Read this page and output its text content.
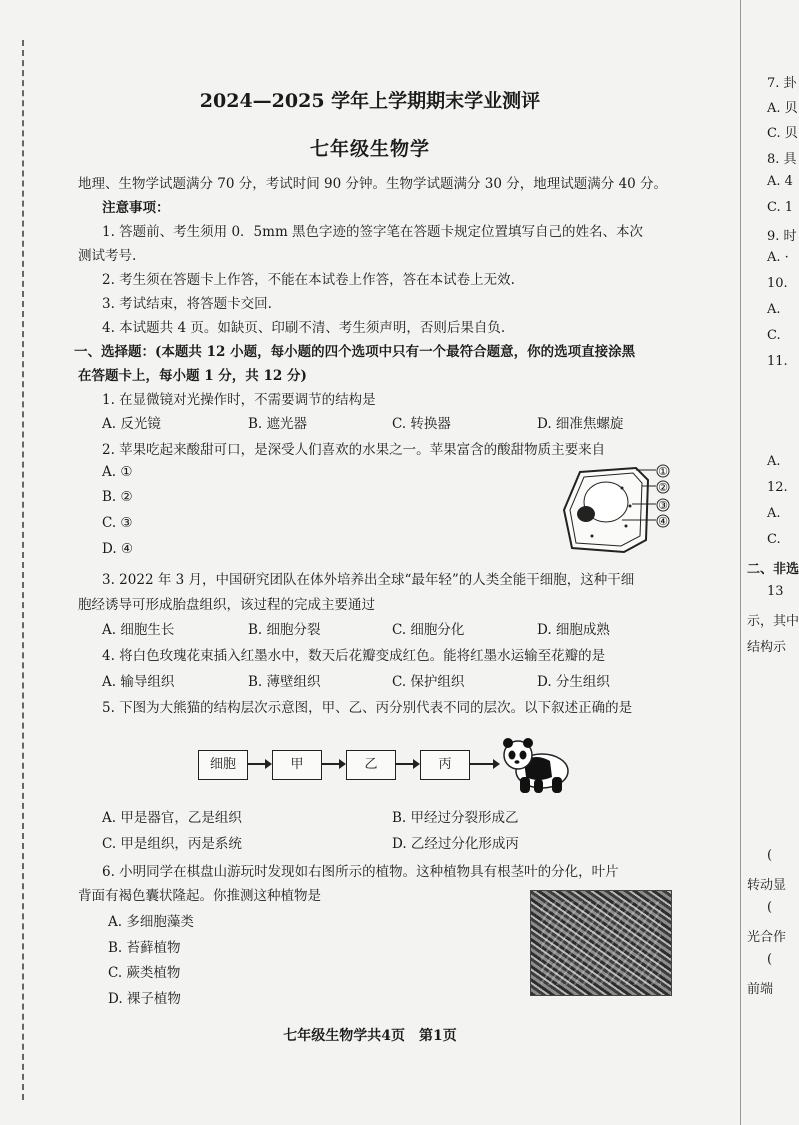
2024—2025 学年上学期期末学业测评
七年级生物学
地理、生物学试题满分 70 分，考试时间 90 分钟。生物学试题满分 30 分，地理试题满分 40 分。
注意事项：
1. 答题前、考生须用 0．5mm 黑色字迹的签字笔在答题卡规定位置填写自己的姓名、本次
测试考号.
2. 考生须在答题卡上作答，不能在本试卷上作答，答在本试卷上无效.
3. 考试结束，将答题卡交回.
4. 本试题共 4 页。如缺页、印刷不清、考生须声明，否则后果自负.
一、选择题：(本题共 12 小题，每小题的四个选项中只有一个最符合题意，你的选项直接涂黑
在答题卡上，每小题 1 分，共 12 分)
1. 在显微镜对光操作时，不需要调节的结构是
A. 反光镜	B. 遮光器	C. 转换器	D. 细准焦螺旋
2. 苹果吃起来酸甜可口，是深受人们喜欢的水果之一。苹果富含的酸甜物质主要来自
A. ①
B. ②
C. ③
D. ④
①
②
③
④
3. 2022 年 3 月，中国研究团队在体外培养出全球“最年轻”的人类全能干细胞，这种干细
胞经诱导可形成胎盘组织，该过程的完成主要通过
A. 细胞生长	B. 细胞分裂	C. 细胞分化	D. 细胞成熟
4. 将白色玫瑰花束插入红墨水中，数天后花瓣变成红色。能将红墨水运输至花瓣的是
A. 输导组织	B. 薄壁组织	C. 保护组织	D. 分生组织
5. 下图为大熊猫的结构层次示意图，甲、乙、丙分别代表不同的层次。以下叙述正确的是
细胞	甲	乙	丙
A. 甲是器官，乙是组织	B. 甲经过分裂形成乙
C. 甲是组织，丙是系统	D. 乙经过分化形成丙
6. 小明同学在棋盘山游玩时发现如右图所示的植物。这种植物具有根茎叶的分化，叶片
背面有褐色囊状隆起。你推测这种植物是
A. 多细胞藻类
B. 苔藓植物
C. 蕨类植物
D. 裸子植物
七年级生物学共4页　第1页
7. 卦
A. 贝
C. 贝
8. 具
A. 4
C. 1
9. 时
A. ·
10.
A.
C.
11.
A.
12.
A.
C.
二、非选
13
示，其中
结构示
(
转动显
(
光合作
(
前端
